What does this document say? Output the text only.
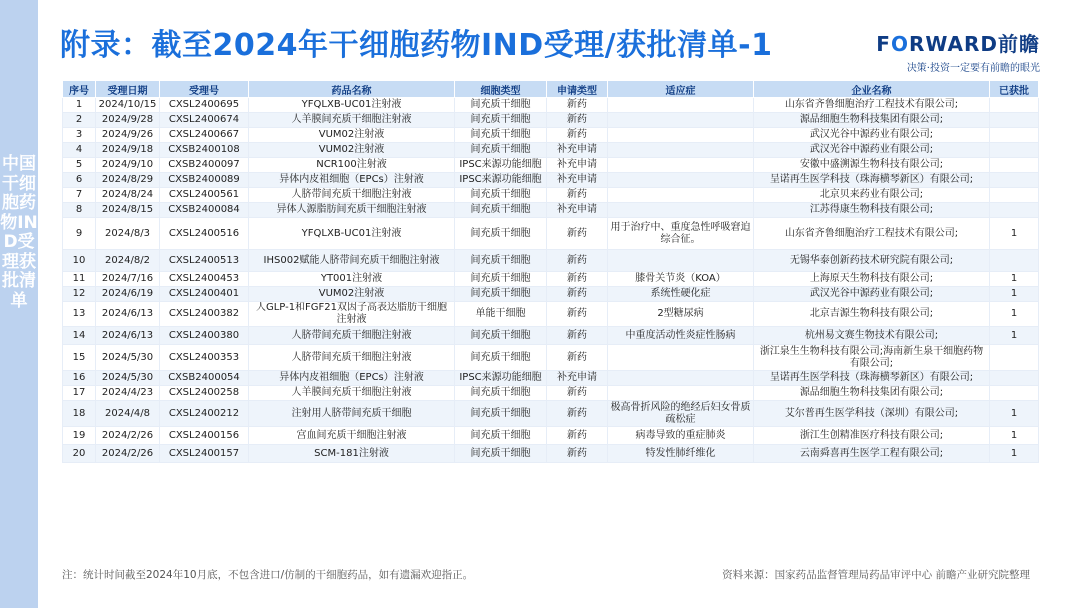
中国干细胞药物IND受理获批清单
附录：截至2024年干细胞药物IND受理/获批清单-1	FORWARD前瞻
决策·投资一定要有前瞻的眼光
序号	受理日期	受理号	药品名称	细胞类型	申请类型	适应症	企业名称	已获批
1	2024/10/15	CXSL2400695	YFQLXB-UC01注射液	间充质干细胞	新药		山东省齐鲁细胞治疗工程技术有限公司;	
2	2024/9/28	CXSL2400674	人羊膜间充质干细胞注射液	间充质干细胞	新药		源品细胞生物科技集团有限公司;	
3	2024/9/26	CXSL2400667	VUM02注射液	间充质干细胞	新药		武汉光谷中源药业有限公司;	
4	2024/9/18	CXSB2400108	VUM02注射液	间充质干细胞	补充申请		武汉光谷中源药业有限公司;	
5	2024/9/10	CXSB2400097	NCR100注射液	IPSC来源功能细胞	补充申请		安徽中盛溯源生物科技有限公司;	
6	2024/8/29	CXSB2400089	异体内皮祖细胞（EPCs）注射液	IPSC来源功能细胞	补充申请		呈诺再生医学科技（珠海横琴新区）有限公司;	
7	2024/8/24	CXSL2400561	人脐带间充质干细胞注射液	间充质干细胞	新药		北京贝来药业有限公司;	
8	2024/8/15	CXSB2400084	异体人源脂肪间充质干细胞注射液	间充质干细胞	补充申请		江苏得康生物科技有限公司;	
9	2024/8/3	CXSL2400516	YFQLXB-UC01注射液	间充质干细胞	新药	用于治疗中、重度急性呼吸窘迫综合征。	山东省齐鲁细胞治疗工程技术有限公司;	1
10	2024/8/2	CXSL2400513	IHS002赋能人脐带间充质干细胞注射液	间充质干细胞	新药		无锡华泰创新药技术研究院有限公司;	
11	2024/7/16	CXSL2400453	YT001注射液	间充质干细胞	新药	膝骨关节炎（KOA）	上海原天生物科技有限公司;	1
12	2024/6/19	CXSL2400401	VUM02注射液	间充质干细胞	新药	系统性硬化症	武汉光谷中源药业有限公司;	1
13	2024/6/13	CXSL2400382	人GLP-1和FGF21双因子高表达脂肪干细胞注射液	单能干细胞	新药	2型糖尿病	北京吉源生物科技有限公司;	1
14	2024/6/13	CXSL2400380	人脐带间充质干细胞注射液	间充质干细胞	新药	中重度活动性炎症性肠病	杭州易文赛生物技术有限公司;	1
15	2024/5/30	CXSL2400353	人脐带间充质干细胞注射液	间充质干细胞	新药		浙江泉生生物科技有限公司;海南新生泉干细胞药物有限公司;	
16	2024/5/30	CXSB2400054	异体内皮祖细胞（EPCs）注射液	IPSC来源功能细胞	补充申请		呈诺再生医学科技（珠海横琴新区）有限公司;	
17	2024/4/23	CXSL2400258	人羊膜间充质干细胞注射液	间充质干细胞	新药		源品细胞生物科技集团有限公司;	
18	2024/4/8	CXSL2400212	注射用人脐带间充质干细胞	间充质干细胞	新药	极高骨折风险的绝经后妇女骨质疏松症	艾尔普再生医学科技（深圳）有限公司;	1
19	2024/2/26	CXSL2400156	宫血间充质干细胞注射液	间充质干细胞	新药	病毒导致的重症肺炎	浙江生创精准医疗科技有限公司;	1
20	2024/2/26	CXSL2400157	SCM-181注射液	间充质干细胞	新药	特发性肺纤维化	云南舜喜再生医学工程有限公司;	1
注：统计时间截至2024年10月底，不包含进口/仿制的干细胞药品，如有遗漏欢迎指正。	资料来源：国家药品监督管理局药品审评中心 前瞻产业研究院整理
